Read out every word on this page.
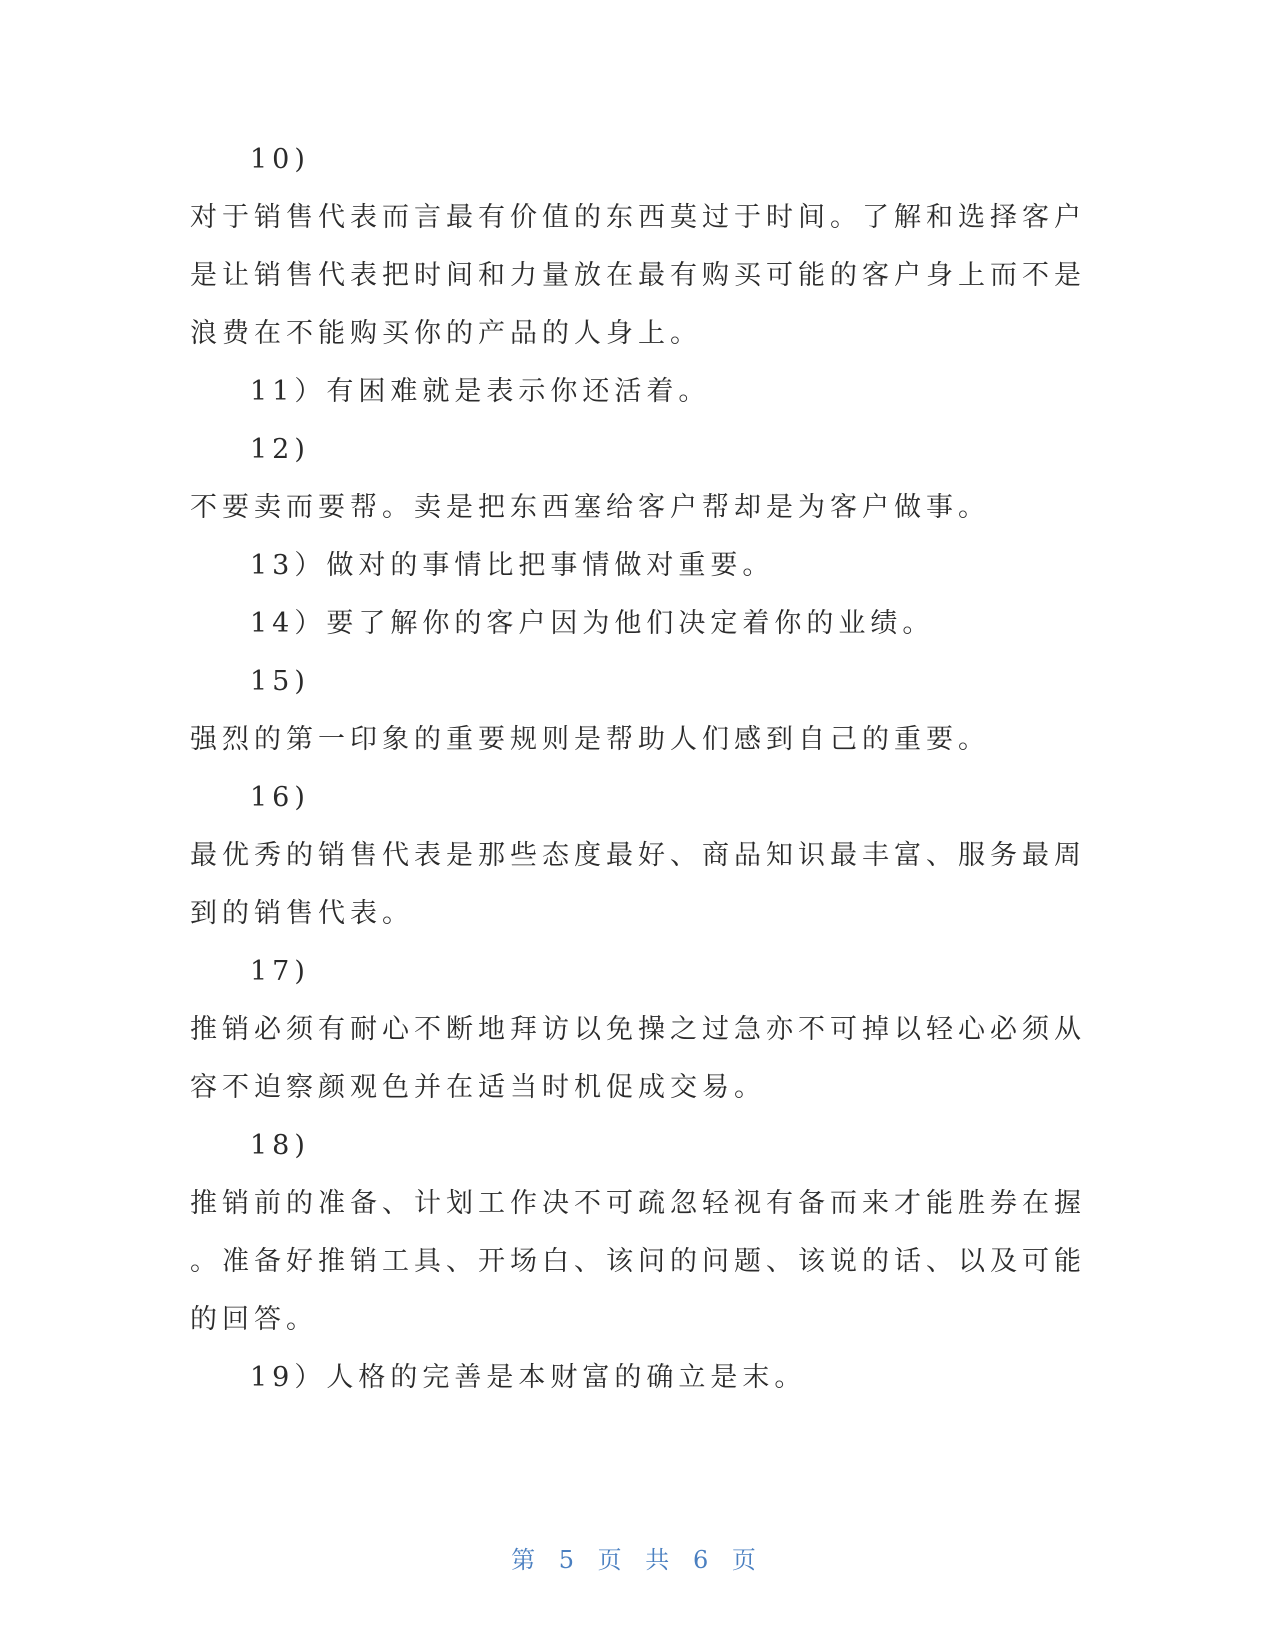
10)
对于销售代表而言最有价值的东西莫过于时间。了解和选择客户
是让销售代表把时间和力量放在最有购买可能的客户身上而不是
浪费在不能购买你的产品的人身上。
11）有困难就是表示你还活着。
12)
不要卖而要帮。卖是把东西塞给客户帮却是为客户做事。
13）做对的事情比把事情做对重要。
14）要了解你的客户因为他们决定着你的业绩。
15)
强烈的第一印象的重要规则是帮助人们感到自己的重要。
16)
最优秀的销售代表是那些态度最好、商品知识最丰富、服务最周
到的销售代表。
17)
推销必须有耐心不断地拜访以免操之过急亦不可掉以轻心必须从
容不迫察颜观色并在适当时机促成交易。
18)
推销前的准备、计划工作决不可疏忽轻视有备而来才能胜券在握
。准备好推销工具、开场白、该问的问题、该说的话、以及可能
的回答。
19）人格的完善是本财富的确立是末。
第 5 页 共 6 页
